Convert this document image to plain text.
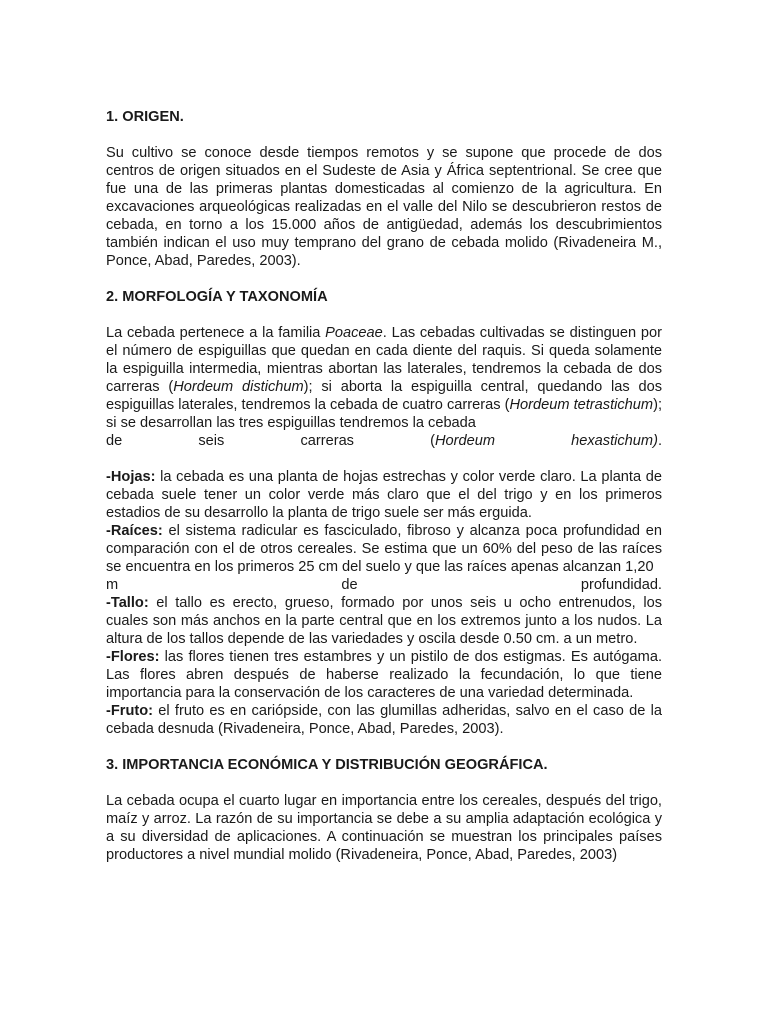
1. ORIGEN.

Su cultivo se conoce desde tiempos remotos y se supone que procede de dos centros de origen situados en el Sudeste de Asia y África septentrional. Se cree que fue una de las primeras plantas domesticadas al comienzo de la agricultura. En excavaciones arqueológicas realizadas en el valle del Nilo se descubrieron restos de cebada, en torno a los 15.000 años de antigüedad, además los descubrimientos también indican el uso muy temprano del grano de cebada molido (Rivadeneira M., Ponce, Abad, Paredes, 2003).

2. MORFOLOGÍA Y TAXONOMÍA

La cebada pertenece a la familia Poaceae. Las cebadas cultivadas se distinguen por el número de espiguillas que quedan en cada diente del raquis. Si queda solamente la espiguilla intermedia, mientras abortan las laterales, tendremos la cebada de dos carreras (Hordeum distichum); si aborta la espiguilla central, quedando las dos espiguillas laterales, tendremos la cebada de cuatro carreras (Hordeum tetrastichum); si se desarrollan las tres espiguillas tendremos la cebada
de seis carreras (Hordeum hexastichum).

-Hojas: la cebada es una planta de hojas estrechas y color verde claro. La planta de cebada suele tener un color verde más claro que el del trigo y en los primeros estadios de su desarrollo la planta de trigo suele ser más erguida.

-Raíces: el sistema radicular es fasciculado, fibroso y alcanza poca profundidad en comparación con el de otros cereales. Se estima que un 60% del peso de las raíces se encuentra en los primeros 25 cm del suelo y que las raíces apenas alcanzan 1,20
m de profundidad.

-Tallo: el tallo es erecto, grueso, formado por unos seis u ocho entrenudos, los cuales son más anchos en la parte central que en los extremos junto a los nudos. La altura de los tallos depende de las variedades y oscila desde 0.50 cm. a un metro.

-Flores: las flores tienen tres estambres y un pistilo de dos estigmas. Es autógama. Las flores abren después de haberse realizado la fecundación, lo que tiene importancia para la conservación de los caracteres de una variedad determinada.

-Fruto: el fruto es en cariópside, con las glumillas adheridas, salvo en el caso de la cebada desnuda (Rivadeneira, Ponce, Abad, Paredes, 2003).

3. IMPORTANCIA ECONÓMICA Y DISTRIBUCIÓN GEOGRÁFICA.

La cebada ocupa el cuarto lugar en importancia entre los cereales, después del trigo, maíz y arroz. La razón de su importancia se debe a su amplia adaptación ecológica y a su diversidad de aplicaciones. A continuación se muestran los principales países productores a nivel mundial molido (Rivadeneira, Ponce, Abad, Paredes, 2003)
